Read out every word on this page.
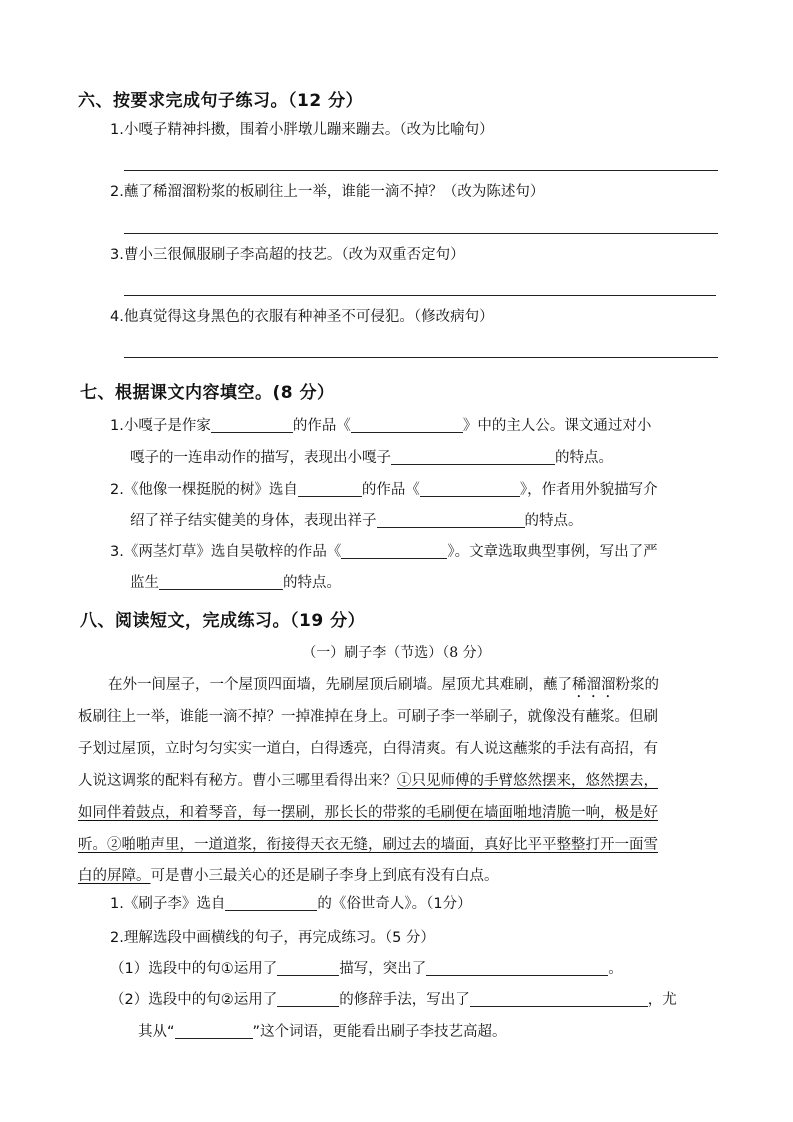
六、按要求完成句子练习。（12 分）
1.小嘎子精神抖擞，围着小胖墩儿蹦来蹦去。（改为比喻句）
2.蘸了稀溜溜粉浆的板刷往上一举，谁能一滴不掉？（改为陈述句）
3.曹小三很佩服刷子李高超的技艺。（改为双重否定句）
4.他真觉得这身黑色的衣服有种神圣不可侵犯。（修改病句）
七、根据课文内容填空。(8 分）
1.小嘎子是作家	的作品《	》中的主人公。课文通过对小
嘎子的一连串动作的描写，表现出小嘎子	的特点。
2.《他像一棵挺脱的树》选自	的作品《	》，作者用外貌描写介
绍了祥子结实健美的身体，表现出祥子	的特点。
3.《两茎灯草》选自吴敬梓的作品《	》。文章选取典型事例，写出了严
监生	的特点。
八、阅读短文，完成练习。（19 分）
（一）刷子李（节选）（8 分）
在外一间屋子，一个屋顶四面墙，先刷屋顶后刷墙。屋顶尤其难刷，蘸了稀溜溜粉浆的
板刷往上一举，谁能一滴不掉？一掉准掉在身上。可刷子李一举刷子，就像没有蘸浆。但刷
子划过屋顶，立时匀匀实实一道白，白得透亮，白得清爽。有人说这蘸浆的手法有高招，有
人说这调浆的配料有秘方。曹小三哪里看得出来？①只见师傅的手臂悠然摆来，悠然摆去，
如同伴着鼓点，和着琴音，每一摆刷，那长长的带浆的毛刷便在墙面啪地清脆一响，极是好
听。②啪啪声里，一道道浆，衔接得天衣无缝，刷过去的墙面，真好比平平整整打开一面雪
白的屏障。可是曹小三最关心的还是刷子李身上到底有没有白点。
1.《刷子李》选自	的《俗世奇人》。（1分）
2.理解选段中画横线的句子，再完成练习。（5 分）
（1）选段中的句①运用了	描写，突出了	。
（2）选段中的句②运用了	的修辞手法，写出了	，尤
其从“	”这个词语，更能看出刷子李技艺高超。
